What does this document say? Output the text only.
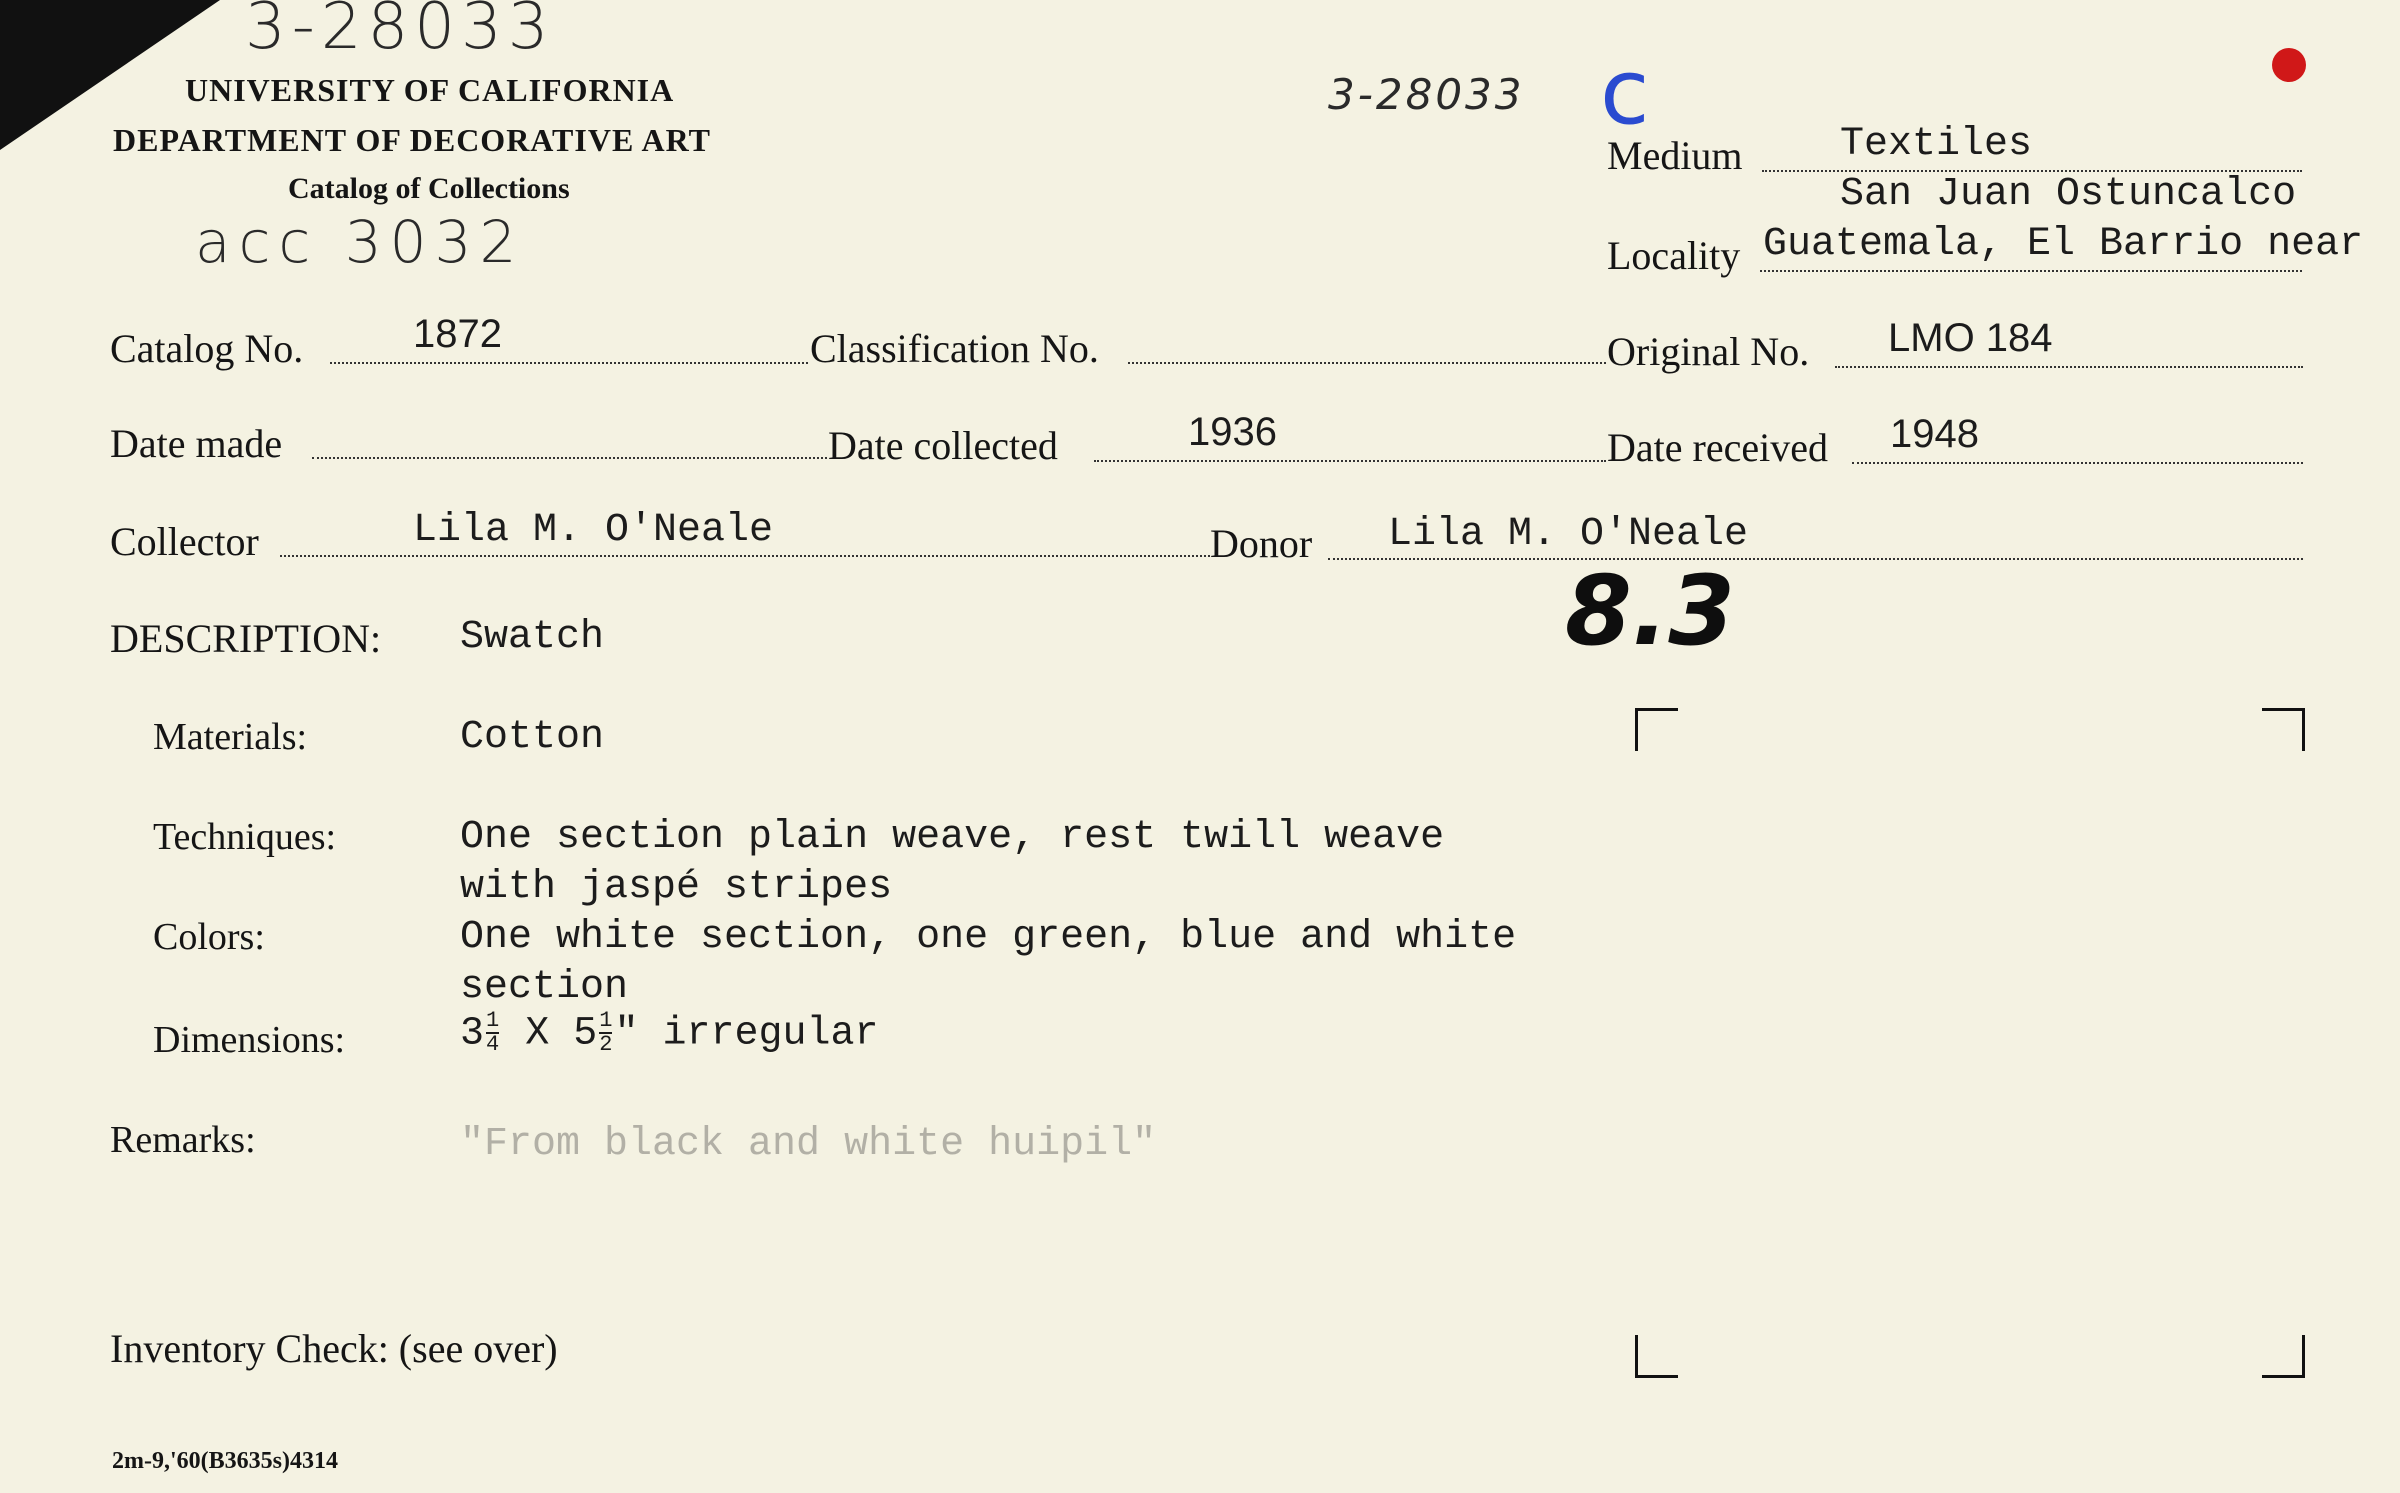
3-28033
UNIVERSITY OF CALIFORNIA
DEPARTMENT OF DECORATIVE ART
Catalog of Collections
acc 3032
3-28033 c
Medium Textiles
San Juan Ostuncalco
Locality Guatemala, El Barrio near
Catalog No.	1872	Classification No.	Original No. LMO 184
Date made	Date collected	1936	Date received 1948
Collector	Lila M. O'Neale	Donor Lila M. O'Neale
8.3
DESCRIPTION: Swatch
Materials:	Cotton
Techniques:	One section plain weave, rest twill weave
with jaspé stripes
Colors:	One white section, one green, blue and white
section
Dimensions:	$3 \frac{1}{4}$ X $5 \frac{1}{2}$ " irregular
Remarks:	"From black and white huipil"
Inventory Check: (see over)
2m-9,'60(B3635s)4314
